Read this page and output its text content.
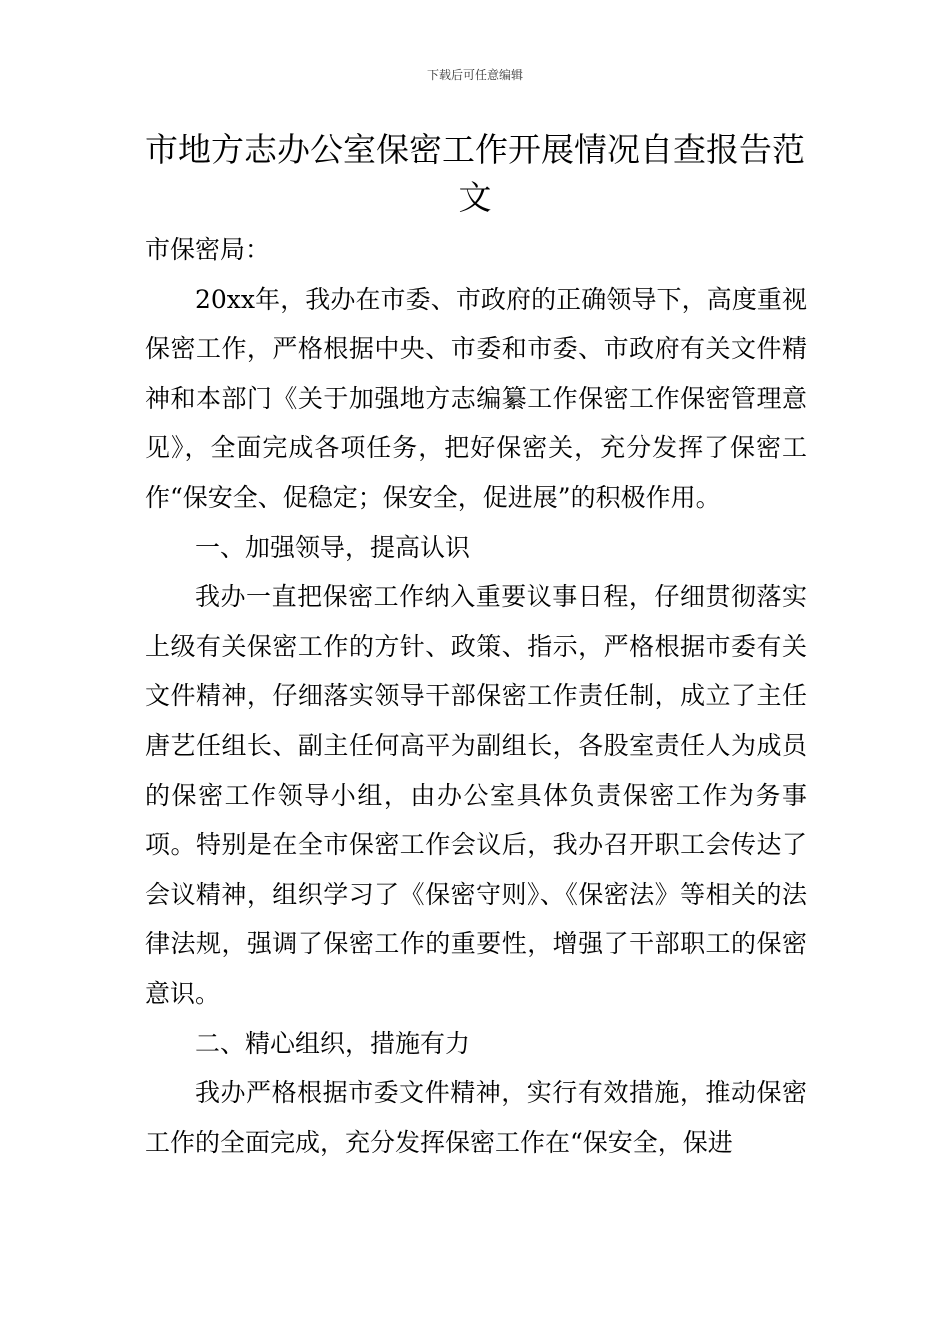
下载后可任意编辑
市地方志办公室保密工作开展情况自查报告范文

市保密局：

20xx年，我办在市委、市政府的正确领导下，高度重视保密工作，严格根据中央、市委和市委、市政府有关文件精神和本部门《关于加强地方志编纂工作保密工作保密管理意见》，全面完成各项任务，把好保密关，充分发挥了保密工作“保安全、促稳定；保安全，促进展”的积极作用。

一、加强领导，提高认识

我办一直把保密工作纳入重要议事日程，仔细贯彻落实上级有关保密工作的方针、政策、指示，严格根据市委有关文件精神，仔细落实领导干部保密工作责任制，成立了主任唐艺任组长、副主任何高平为副组长，各股室责任人为成员的保密工作领导小组，由办公室具体负责保密工作为务事项。特别是在全市保密工作会议后，我办召开职工会传达了会议精神，组织学习了《保密守则》、《保密法》等相关的法律法规，强调了保密工作的重要性，增强了干部职工的保密意识。

二、精心组织，措施有力

我办严格根据市委文件精神，实行有效措施，推动保密工作的全面完成，充分发挥保密工作在“保安全，保进
